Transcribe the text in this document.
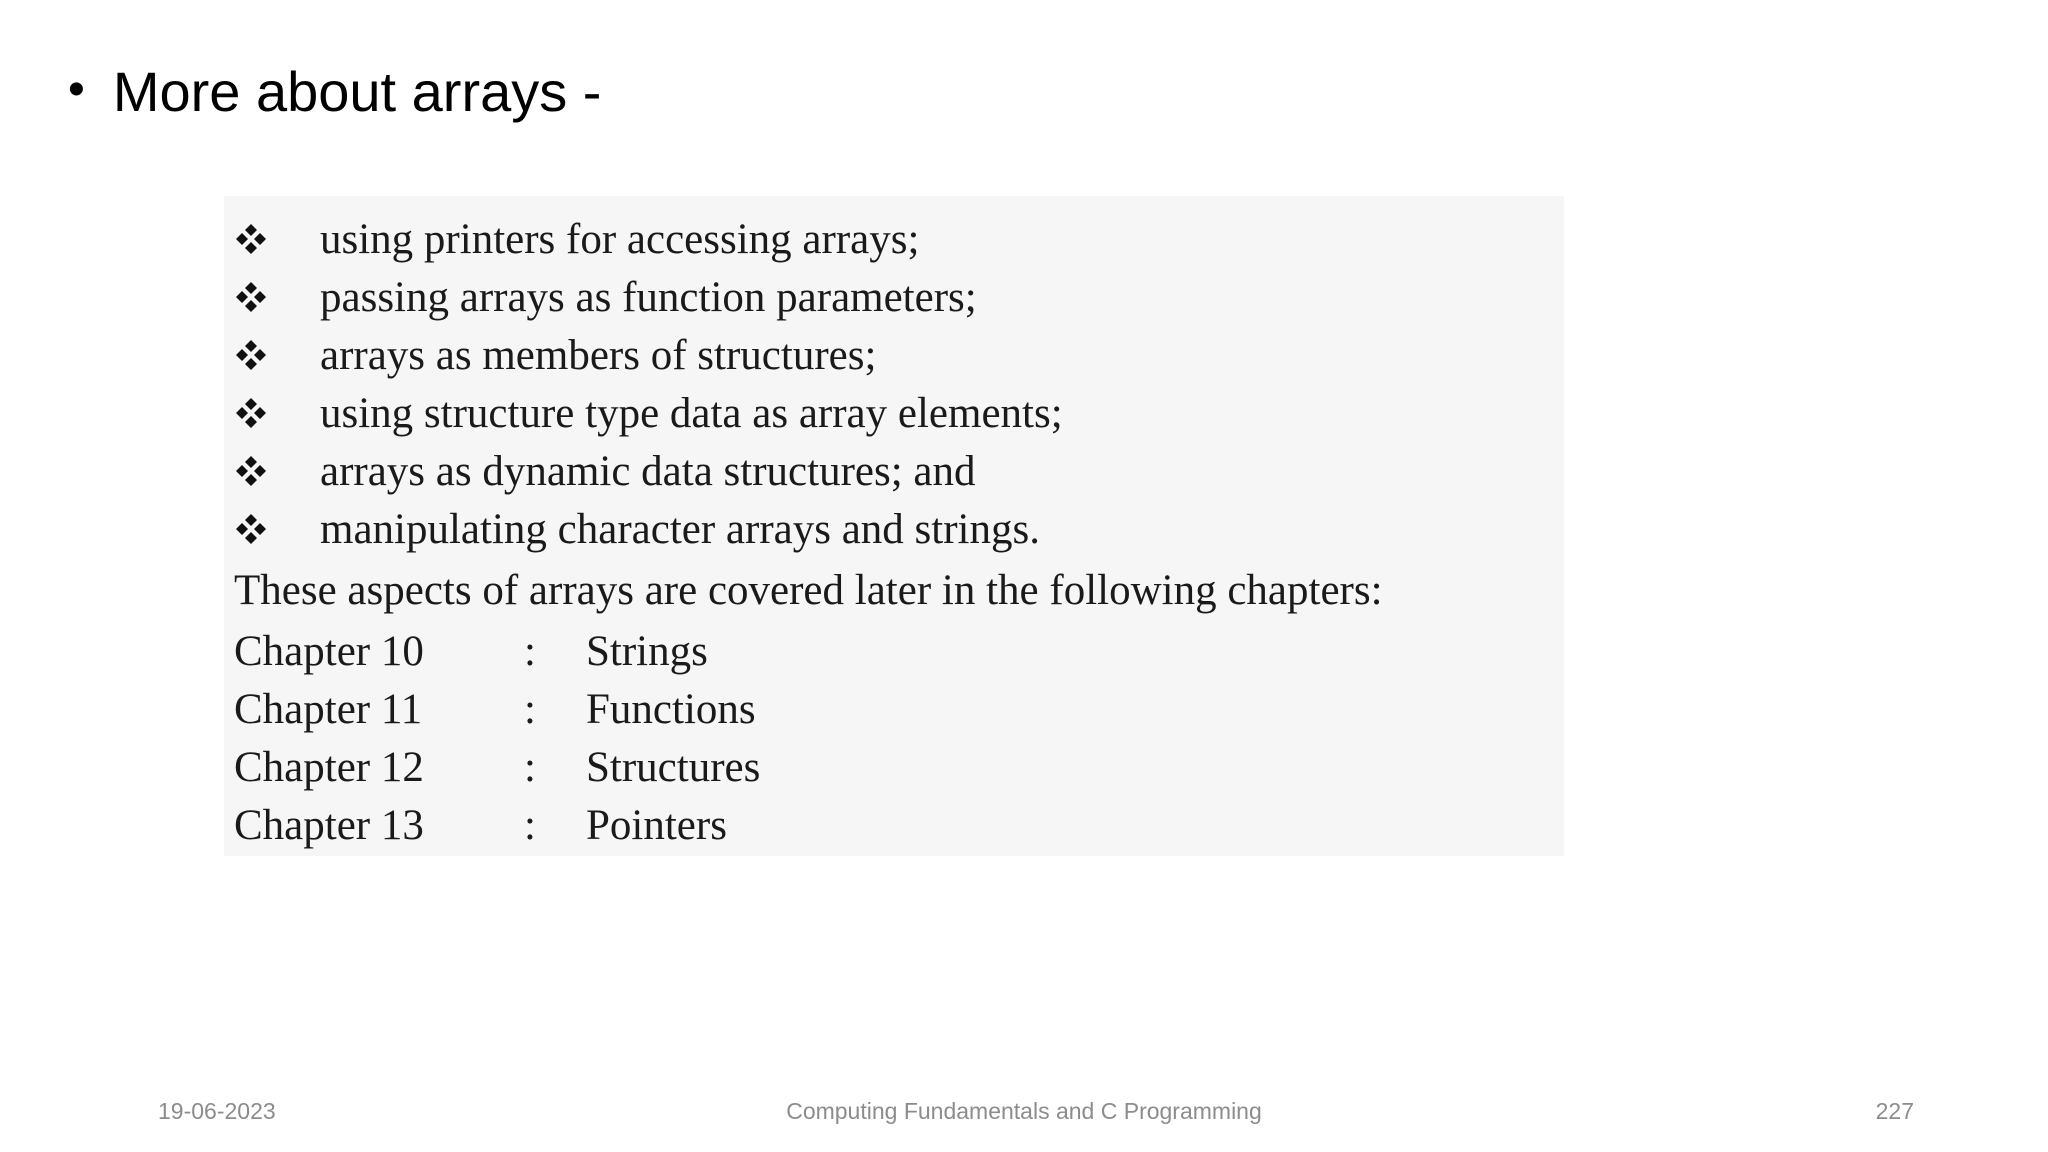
• More about arrays -
using printers for accessing arrays;
passing arrays as function parameters;
arrays as members of structures;
using structure type data as array elements;
arrays as dynamic data structures; and
manipulating character arrays and strings.
These aspects of arrays are covered later in the following chapters:
Chapter 10	:	Strings
Chapter 11	:	Functions
Chapter 12	:	Structures
Chapter 13	:	Pointers
19-06-2023	Computing Fundamentals and C Programming	227
